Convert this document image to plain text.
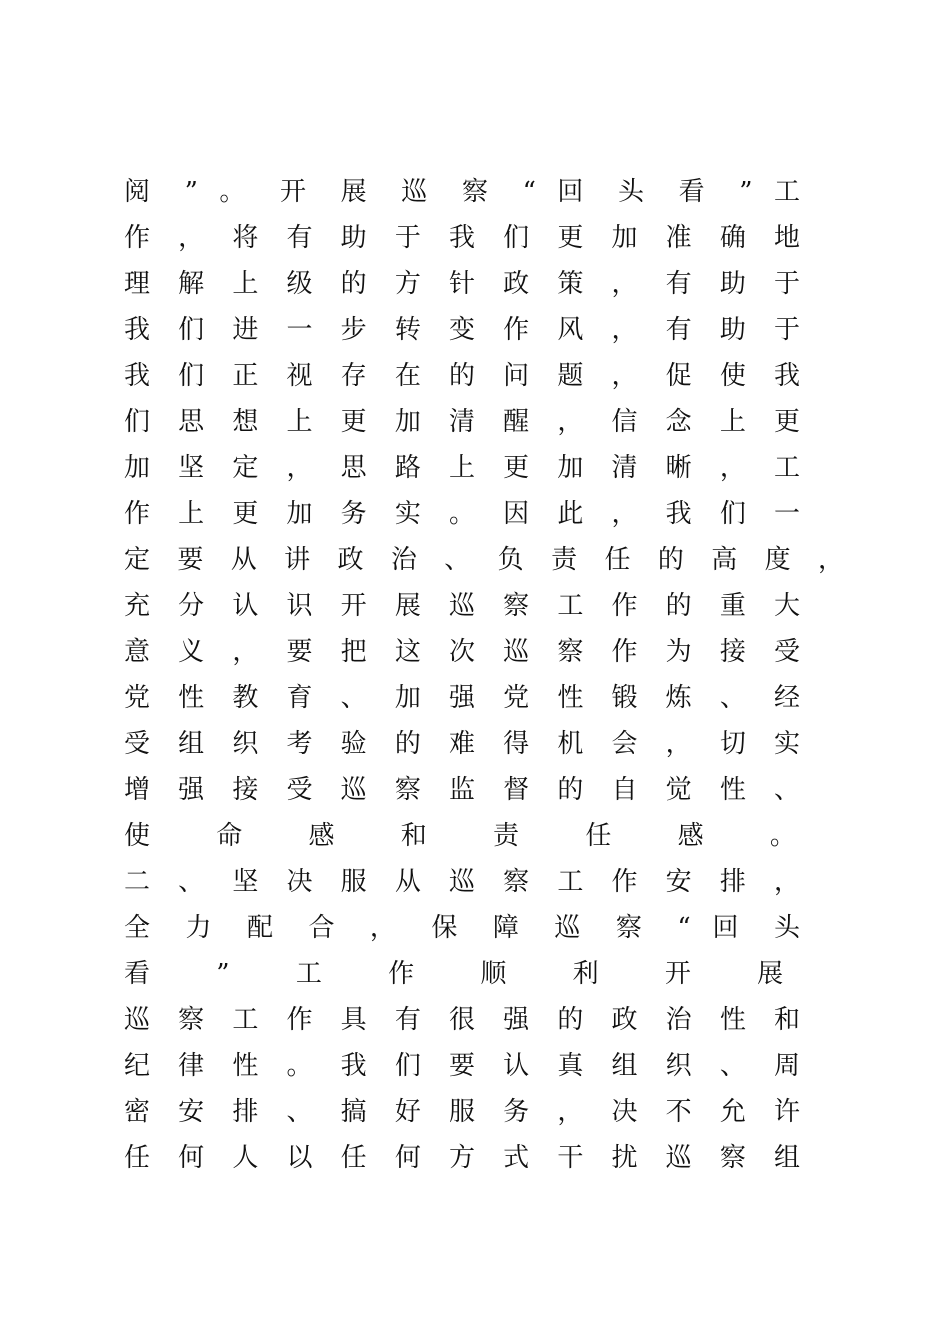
阅 ” 。 开 展 巡 察 “ 回 头 看 ” 工
作 ， 将 有 助 于 我 们 更 加 准 确 地
理 解 上 级 的 方 针 政 策 ， 有 助 于
我 们 进 一 步 转 变 作 风 ， 有 助 于
我 们 正 视 存 在 的 问 题 ， 促 使 我
们 思 想 上 更 加 清 醒 ， 信 念 上 更
加 坚 定 ， 思 路 上 更 加 清 晰 ， 工
作 上 更 加 务 实 。 因 此 ， 我 们 一
定 要 从 讲 政 治 、 负 责 任 的 高 度 ，
充 分 认 识 开 展 巡 察 工 作 的 重 大
意 义 ， 要 把 这 次 巡 察 作 为 接 受
党 性 教 育 、 加 强 党 性 锻 炼 、 经
受 组 织 考 验 的 难 得 机 会 ， 切 实
增 强 接 受 巡 察 监 督 的 自 觉 性 、
使 命 感 和 责 任 感 。
二 、 坚 决 服 从 巡 察 工 作 安 排 ，
全 力 配 合 ， 保 障 巡 察 “ 回 头
看 ” 工 作 顺 利 开 展
巡 察 工 作 具 有 很 强 的 政 治 性 和
纪 律 性 。 我 们 要 认 真 组 织 、 周
密 安 排 、 搞 好 服 务 ， 决 不 允 许
任 何 人 以 任 何 方 式 干 扰 巡 察 组
